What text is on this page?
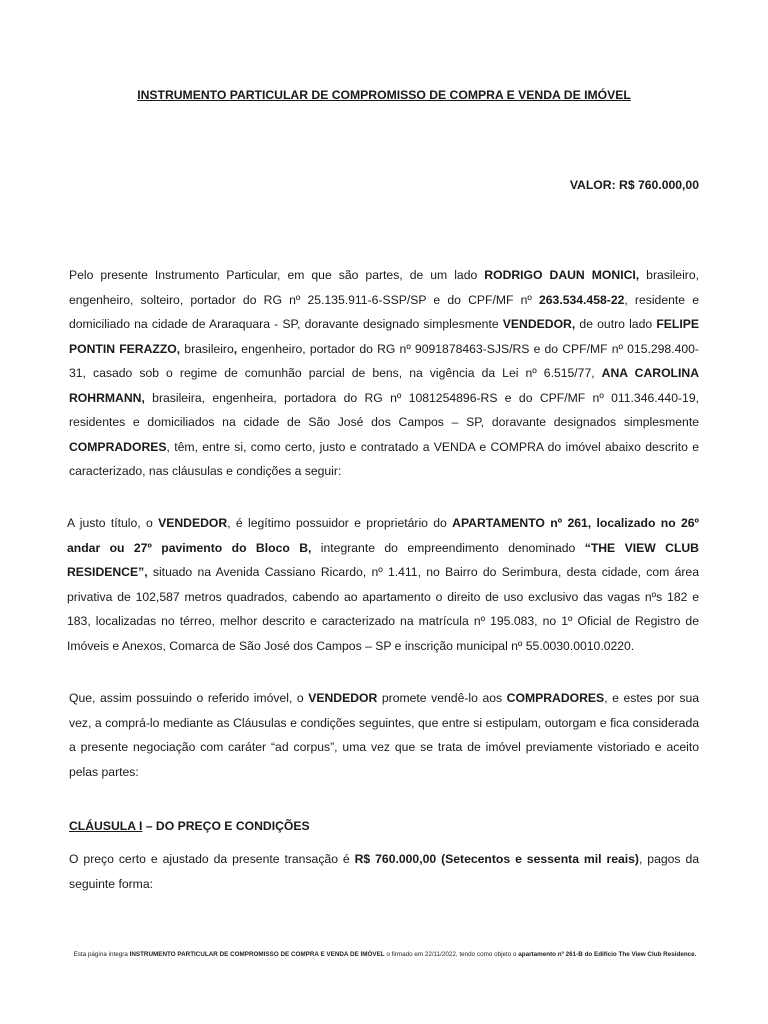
INSTRUMENTO PARTICULAR DE COMPROMISSO DE COMPRA E VENDA DE IMÓVEL
VALOR: R$ 760.000,00
Pelo presente Instrumento Particular, em que são partes, de um lado RODRIGO DAUN MONICI, brasileiro, engenheiro, solteiro, portador do RG nº 25.135.911-6-SSP/SP e do CPF/MF nº 263.534.458-22, residente e domiciliado na cidade de Araraquara - SP, doravante designado simplesmente VENDEDOR, de outro lado FELIPE PONTIN FERAZZO, brasileiro, engenheiro, portador do RG nº 9091878463-SJS/RS e do CPF/MF nº 015.298.400-31, casado sob o regime de comunhão parcial de bens, na vigência da Lei nº 6.515/77, ANA CAROLINA ROHRMANN, brasileira, engenheira, portadora do RG nº 1081254896-RS e do CPF/MF nº 011.346.440-19, residentes e domiciliados na cidade de São José dos Campos – SP, doravante designados simplesmente COMPRADORES, têm, entre si, como certo, justo e contratado a VENDA e COMPRA do imóvel abaixo descrito e caracterizado, nas cláusulas e condições a seguir:
A justo título, o VENDEDOR, é legítimo possuidor e proprietário do APARTAMENTO nº 261, localizado no 26º andar ou 27º pavimento do Bloco B, integrante do empreendimento denominado “THE VIEW CLUB RESIDENCE”, situado na Avenida Cassiano Ricardo, nº 1.411, no Bairro do Serimbura, desta cidade, com área privativa de 102,587 metros quadrados, cabendo ao apartamento o direito de uso exclusivo das vagas nºs 182 e 183, localizadas no térreo, melhor descrito e caracterizado na matrícula nº 195.083, no 1º Oficial de Registro de Imóveis e Anexos, Comarca de São José dos Campos – SP e inscrição municipal nº 55.0030.0010.0220.
Que, assim possuindo o referido imóvel, o VENDEDOR promete vendê-lo aos COMPRADORES, e estes por sua vez, a comprá-lo mediante as Cláusulas e condições seguintes, que entre si estipulam, outorgam e fica considerada a presente negociação com caráter “ad corpus”, uma vez que se trata de imóvel previamente vistoriado e aceito pelas partes:
CLÁUSULA I – DO PREÇO E CONDIÇÕES
O preço certo e ajustado da presente transação é R$ 760.000,00 (Setecentos e sessenta mil reais), pagos da seguinte forma:
Esta página integra INSTRUMENTO PARTICULAR DE COMPROMISSO DE COMPRA E VENDA DE IMÓVEL o firmado em 22/11/2022, tendo como objeto o apartamento nº 261-B do Edifício The View Club Residence.
